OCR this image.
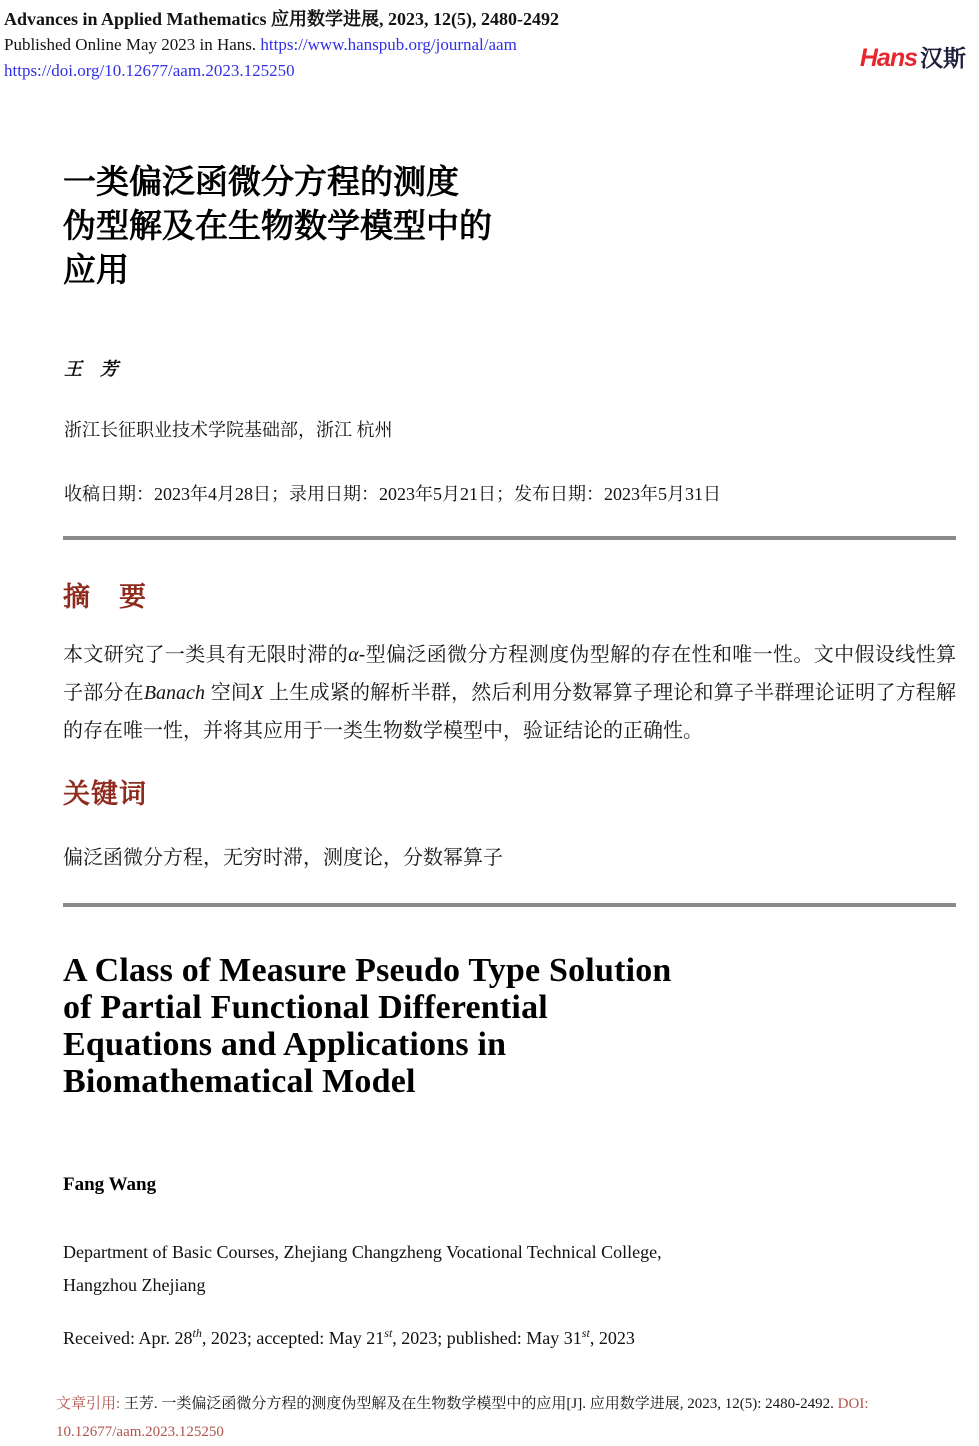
Advances in Applied Mathematics 应用数学进展, 2023, 12(5), 2480-2492
Published Online May 2023 in Hans. https://www.hanspub.org/journal/aam
https://doi.org/10.12677/aam.2023.125250	Hans 汉斯
一类偏泛函微分方程的测度
伪型解及在生物数学模型中的
应用
王　芳
浙江长征职业技术学院基础部，浙江 杭州
收稿日期：2023年4月28日；录用日期：2023年5月21日；发布日期：2023年5月31日
摘　要

本文研究了一类具有无限时滞的α-型偏泛函微分方程测度伪型解的存在性和唯一性。文中假设线性算子部分在Banach 空间X 上生成紧的解析半群，然后利用分数幂算子理论和算子半群理论证明了方程解的存在唯一性，并将其应用于一类生物数学模型中，验证结论的正确性。

关键词

偏泛函微分方程，无穷时滞，测度论，分数幂算子

A Class of Measure Pseudo Type Solution
of Partial Functional Differential
Equations and Applications in
Biomathematical Model
Fang Wang
Department of Basic Courses, Zhejiang Changzheng Vocational Technical College,
Hangzhou Zhejiang

Received: Apr. 28th, 2023; accepted: May 21st, 2023; published: May 31st, 2023

文章引用: 王芳. 一类偏泛函微分方程的测度伪型解及在生物数学模型中的应用[J]. 应用数学进展, 2023, 12(5): 2480-2492. DOI: 10.12677/aam.2023.125250
